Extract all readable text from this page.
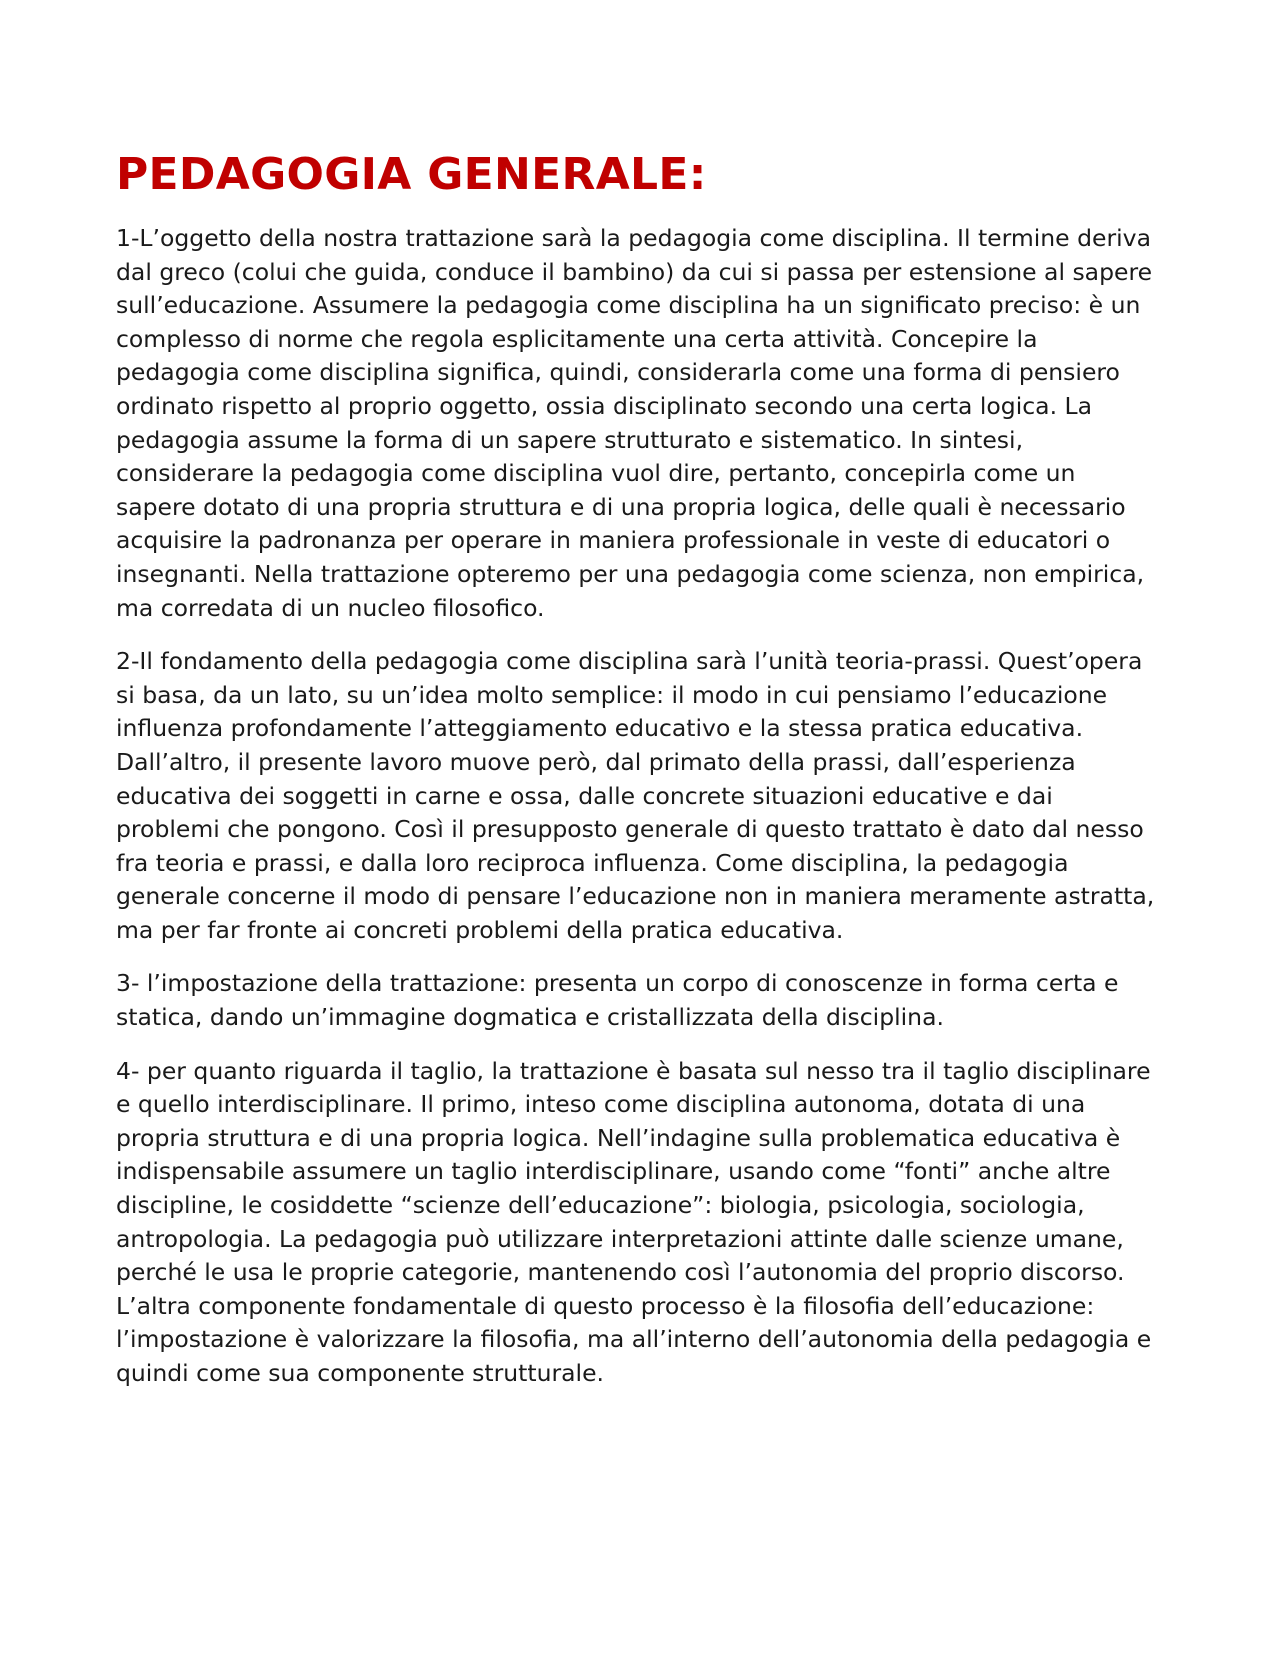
PEDAGOGIA GENERALE:

1-L’oggetto della nostra trattazione sarà la pedagogia come disciplina. Il termine deriva dal greco (colui che guida, conduce il bambino) da cui si passa per estensione al sapere sull’educazione. Assumere la pedagogia come disciplina ha un significato preciso: è un complesso di norme che regola esplicitamente una certa attività. Concepire la pedagogia come disciplina significa, quindi, considerarla come una forma di pensiero ordinato rispetto al proprio oggetto, ossia disciplinato secondo una certa logica. La pedagogia assume la forma di un sapere strutturato e sistematico. In sintesi, considerare la pedagogia come disciplina vuol dire, pertanto, concepirla come un sapere dotato di una propria struttura e di una propria logica, delle quali è necessario acquisire la padronanza per operare in maniera professionale in veste di educatori o insegnanti. Nella trattazione opteremo per una pedagogia come scienza, non empirica, ma corredata di un nucleo filosofico.

2-Il fondamento della pedagogia come disciplina sarà l’unità teoria-prassi. Quest’opera si basa, da un lato, su un’idea molto semplice: il modo in cui pensiamo l’educazione influenza profondamente l’atteggiamento educativo e la stessa pratica educativa. Dall’altro, il presente lavoro muove però, dal primato della prassi, dall’esperienza educativa dei soggetti in carne e ossa, dalle concrete situazioni educative e dai problemi che pongono. Così il presupposto generale di questo trattato è dato dal nesso fra teoria e prassi, e dalla loro reciproca influenza. Come disciplina, la pedagogia generale concerne il modo di pensare l’educazione non in maniera meramente astratta, ma per far fronte ai concreti problemi della pratica educativa.

3- l’impostazione della trattazione: presenta un corpo di conoscenze in forma certa e statica, dando un’immagine dogmatica e cristallizzata della disciplina.

4- per quanto riguarda il taglio, la trattazione è basata sul nesso tra il taglio disciplinare e quello interdisciplinare. Il primo, inteso come disciplina autonoma, dotata di una propria struttura e di una propria logica. Nell’indagine sulla problematica educativa è indispensabile assumere un taglio interdisciplinare, usando come “fonti” anche altre discipline, le cosiddette “scienze dell’educazione”: biologia, psicologia, sociologia, antropologia. La pedagogia può utilizzare interpretazioni attinte dalle scienze umane, perché le usa le proprie categorie, mantenendo così l’autonomia del proprio discorso. L’altra componente fondamentale di questo processo è la filosofia dell’educazione: l’impostazione è valorizzare la filosofia, ma all’interno dell’autonomia della pedagogia e quindi come sua componente strutturale.
